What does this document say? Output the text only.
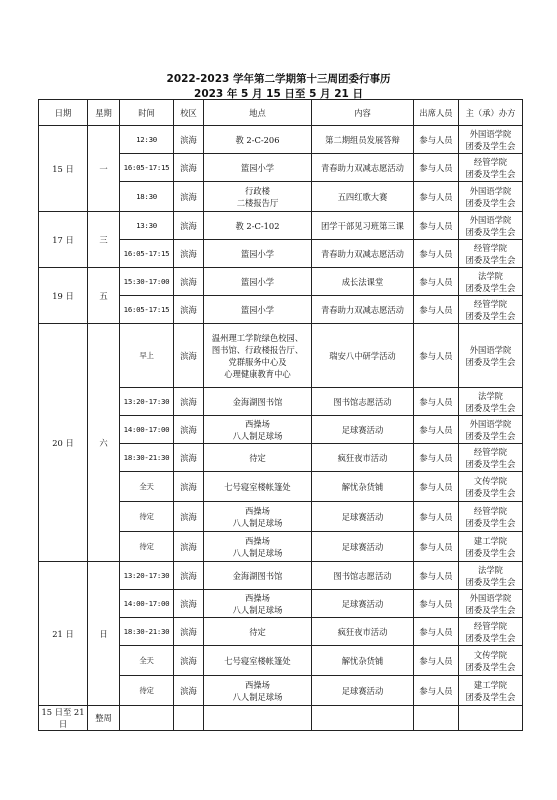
2022-2023 学年第二学期第十三周团委行事历
2023 年 5 月 15 日至 5 月 21 日
日期	星期	时间	校区	地点	内容	出席人员	主（承）办方
15 日	一	12:30	滨海	教 2-C-206	第二期组员发展答辩	参与人员	外国语学院
团委及学生会

		16:05-17:15	滨海	篮园小学	青春助力双减志愿活动	参与人员	经管学院
团委及学生会

		18:30	滨海	行政楼
二楼报告厅	五四红歌大赛	参与人员	外国语学院
团委及学生会

17 日	三	13:30	滨海	教 2-C-102	团学干部见习班第三课	参与人员	外国语学院
团委及学生会

		16:05-17:15	滨海	篮园小学	青春助力双减志愿活动	参与人员	经管学院
团委及学生会

19 日	五	15:30-17:00	滨海	篮园小学	成长法课堂	参与人员	法学院
团委及学生会

		16:05-17:15	滨海	篮园小学	青春助力双减志愿活动	参与人员	经管学院
团委及学生会

20 日	六	早上	滨海	温州理工学院绿色校园、
图书馆、行政楼报告厅、
党群服务中心及
心理健康教育中心	瑞安八中研学活动	参与人员	外国语学院
团委及学生会

		13:20-17:30	滨海	金海湖图书馆	图书馆志愿活动	参与人员	法学院
团委及学生会

		14:00-17:00	滨海	西操场
八人制足球场	足球赛活动	参与人员	外国语学院
团委及学生会

		18:30-21:30	滨海	待定	疯狂夜市活动	参与人员	经管学院
团委及学生会

		全天	滨海	七号寝室楼帐篷处	解忧杂货铺	参与人员	文传学院
团委及学生会

		待定	滨海	西操场
八人制足球场	足球赛活动	参与人员	经管学院
团委及学生会

		待定	滨海	西操场
八人制足球场	足球赛活动	参与人员	建工学院
团委及学生会

21 日	日	13:20-17:30	滨海	金海湖图书馆	图书馆志愿活动	参与人员	法学院
团委及学生会

		14:00-17:00	滨海	西操场
八人制足球场	足球赛活动	参与人员	外国语学院
团委及学生会

		18:30-21:30	滨海	待定	疯狂夜市活动	参与人员	经管学院
团委及学生会

		全天	滨海	七号寝室楼帐篷处	解忧杂货铺	参与人员	文传学院
团委及学生会

		待定	滨海	西操场
八人制足球场	足球赛活动	参与人员	建工学院
团委及学生会

15 日至 21 日	整周						
